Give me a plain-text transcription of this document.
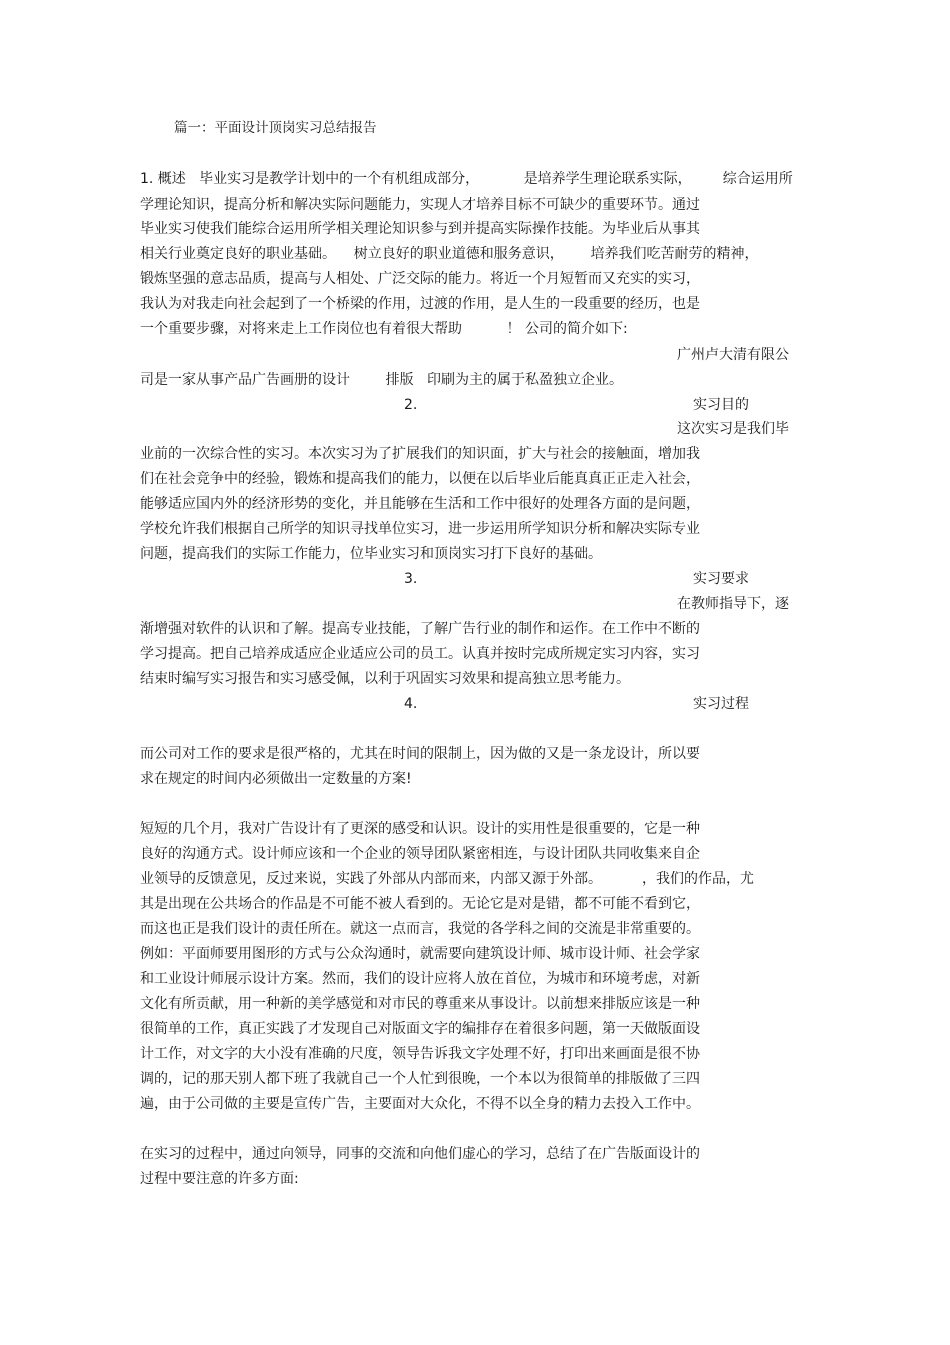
篇一：平面设计顶岗实习总结报告
1. 概述   毕业实习是教学计划中的一个有机组成部分，          是培养学生理论联系实际，       综合运用所
学理论知识，提高分析和解决实际问题能力，实现人才培养目标不可缺少的重要环节。通过
毕业实习使我们能综合运用所学相关理论知识参与到并提高实际操作技能。为毕业后从事其
相关行业奠定良好的职业基础。    树立良好的职业道德和服务意识，      培养我们吃苦耐劳的精神，
锻炼坚强的意志品质，提高与人相处、广泛交际的能力。将近一个月短暂而又充实的实习，
我认为对我走向社会起到了一个桥梁的作用，过渡的作用，是人生的一段重要的经历，也是
一个重要步骤，对将来走上工作岗位也有着很大帮助          ！ 公司的简介如下:
广州卢大清有限公
司是一家从事产品广告画册的设计        排版   印刷为主的属于私盈独立企业。
2.	实习目的
这次实习是我们毕
业前的一次综合性的实习。本次实习为了扩展我们的知识面，扩大与社会的接触面，增加我
们在社会竞争中的经验，锻炼和提高我们的能力，以便在以后毕业后能真真正正走入社会，
能够适应国内外的经济形势的变化，并且能够在生活和工作中很好的处理各方面的是问题，
学校允许我们根据自己所学的知识寻找单位实习，进一步运用所学知识分析和解决实际专业
问题，提高我们的实际工作能力，位毕业实习和顶岗实习打下良好的基础。
3.	实习要求
在教师指导下，逐
渐增强对软件的认识和了解。提高专业技能，了解广告行业的制作和运作。在工作中不断的
学习提高。把自己培养成适应企业适应公司的员工。认真并按时完成所规定实习内容，实习
结束时编写实习报告和实习感受佩，以利于巩固实习效果和提高独立思考能力。
4.	实习过程
而公司对工作的要求是很严格的，尤其在时间的限制上，因为做的又是一条龙设计，所以要
求在规定的时间内必须做出一定数量的方案!
短短的几个月，我对广告设计有了更深的感受和认识。设计的实用性是很重要的，它是一种
良好的沟通方式。设计师应该和一个企业的领导团队紧密相连，与设计团队共同收集来自企
业领导的反馈意见，反过来说，实践了外部从内部而来，内部又源于外部。         ，我们的作品，尤
其是出现在公共场合的作品是不可能不被人看到的。无论它是对是错，都不可能不看到它，
而这也正是我们设计的责任所在。就这一点而言，我觉的各学科之间的交流是非常重要的。
例如：平面师要用图形的方式与公众沟通时，就需要向建筑设计师、城市设计师、社会学家
和工业设计师展示设计方案。然而，我们的设计应将人放在首位，为城市和环境考虑，对新
文化有所贡献，用一种新的美学感觉和对市民的尊重来从事设计。以前想来排版应该是一种
很简单的工作，真正实践了才发现自己对版面文字的编排存在着很多问题，第一天做版面设
计工作，对文字的大小没有准确的尺度，领导告诉我文字处理不好，打印出来画面是很不协
调的，记的那天别人都下班了我就自己一个人忙到很晚，一个本以为很简单的排版做了三四
遍，由于公司做的主要是宣传广告，主要面对大众化，不得不以全身的精力去投入工作中。
在实习的过程中，通过向领导，同事的交流和向他们虚心的学习，总结了在广告版面设计的
过程中要注意的许多方面:
